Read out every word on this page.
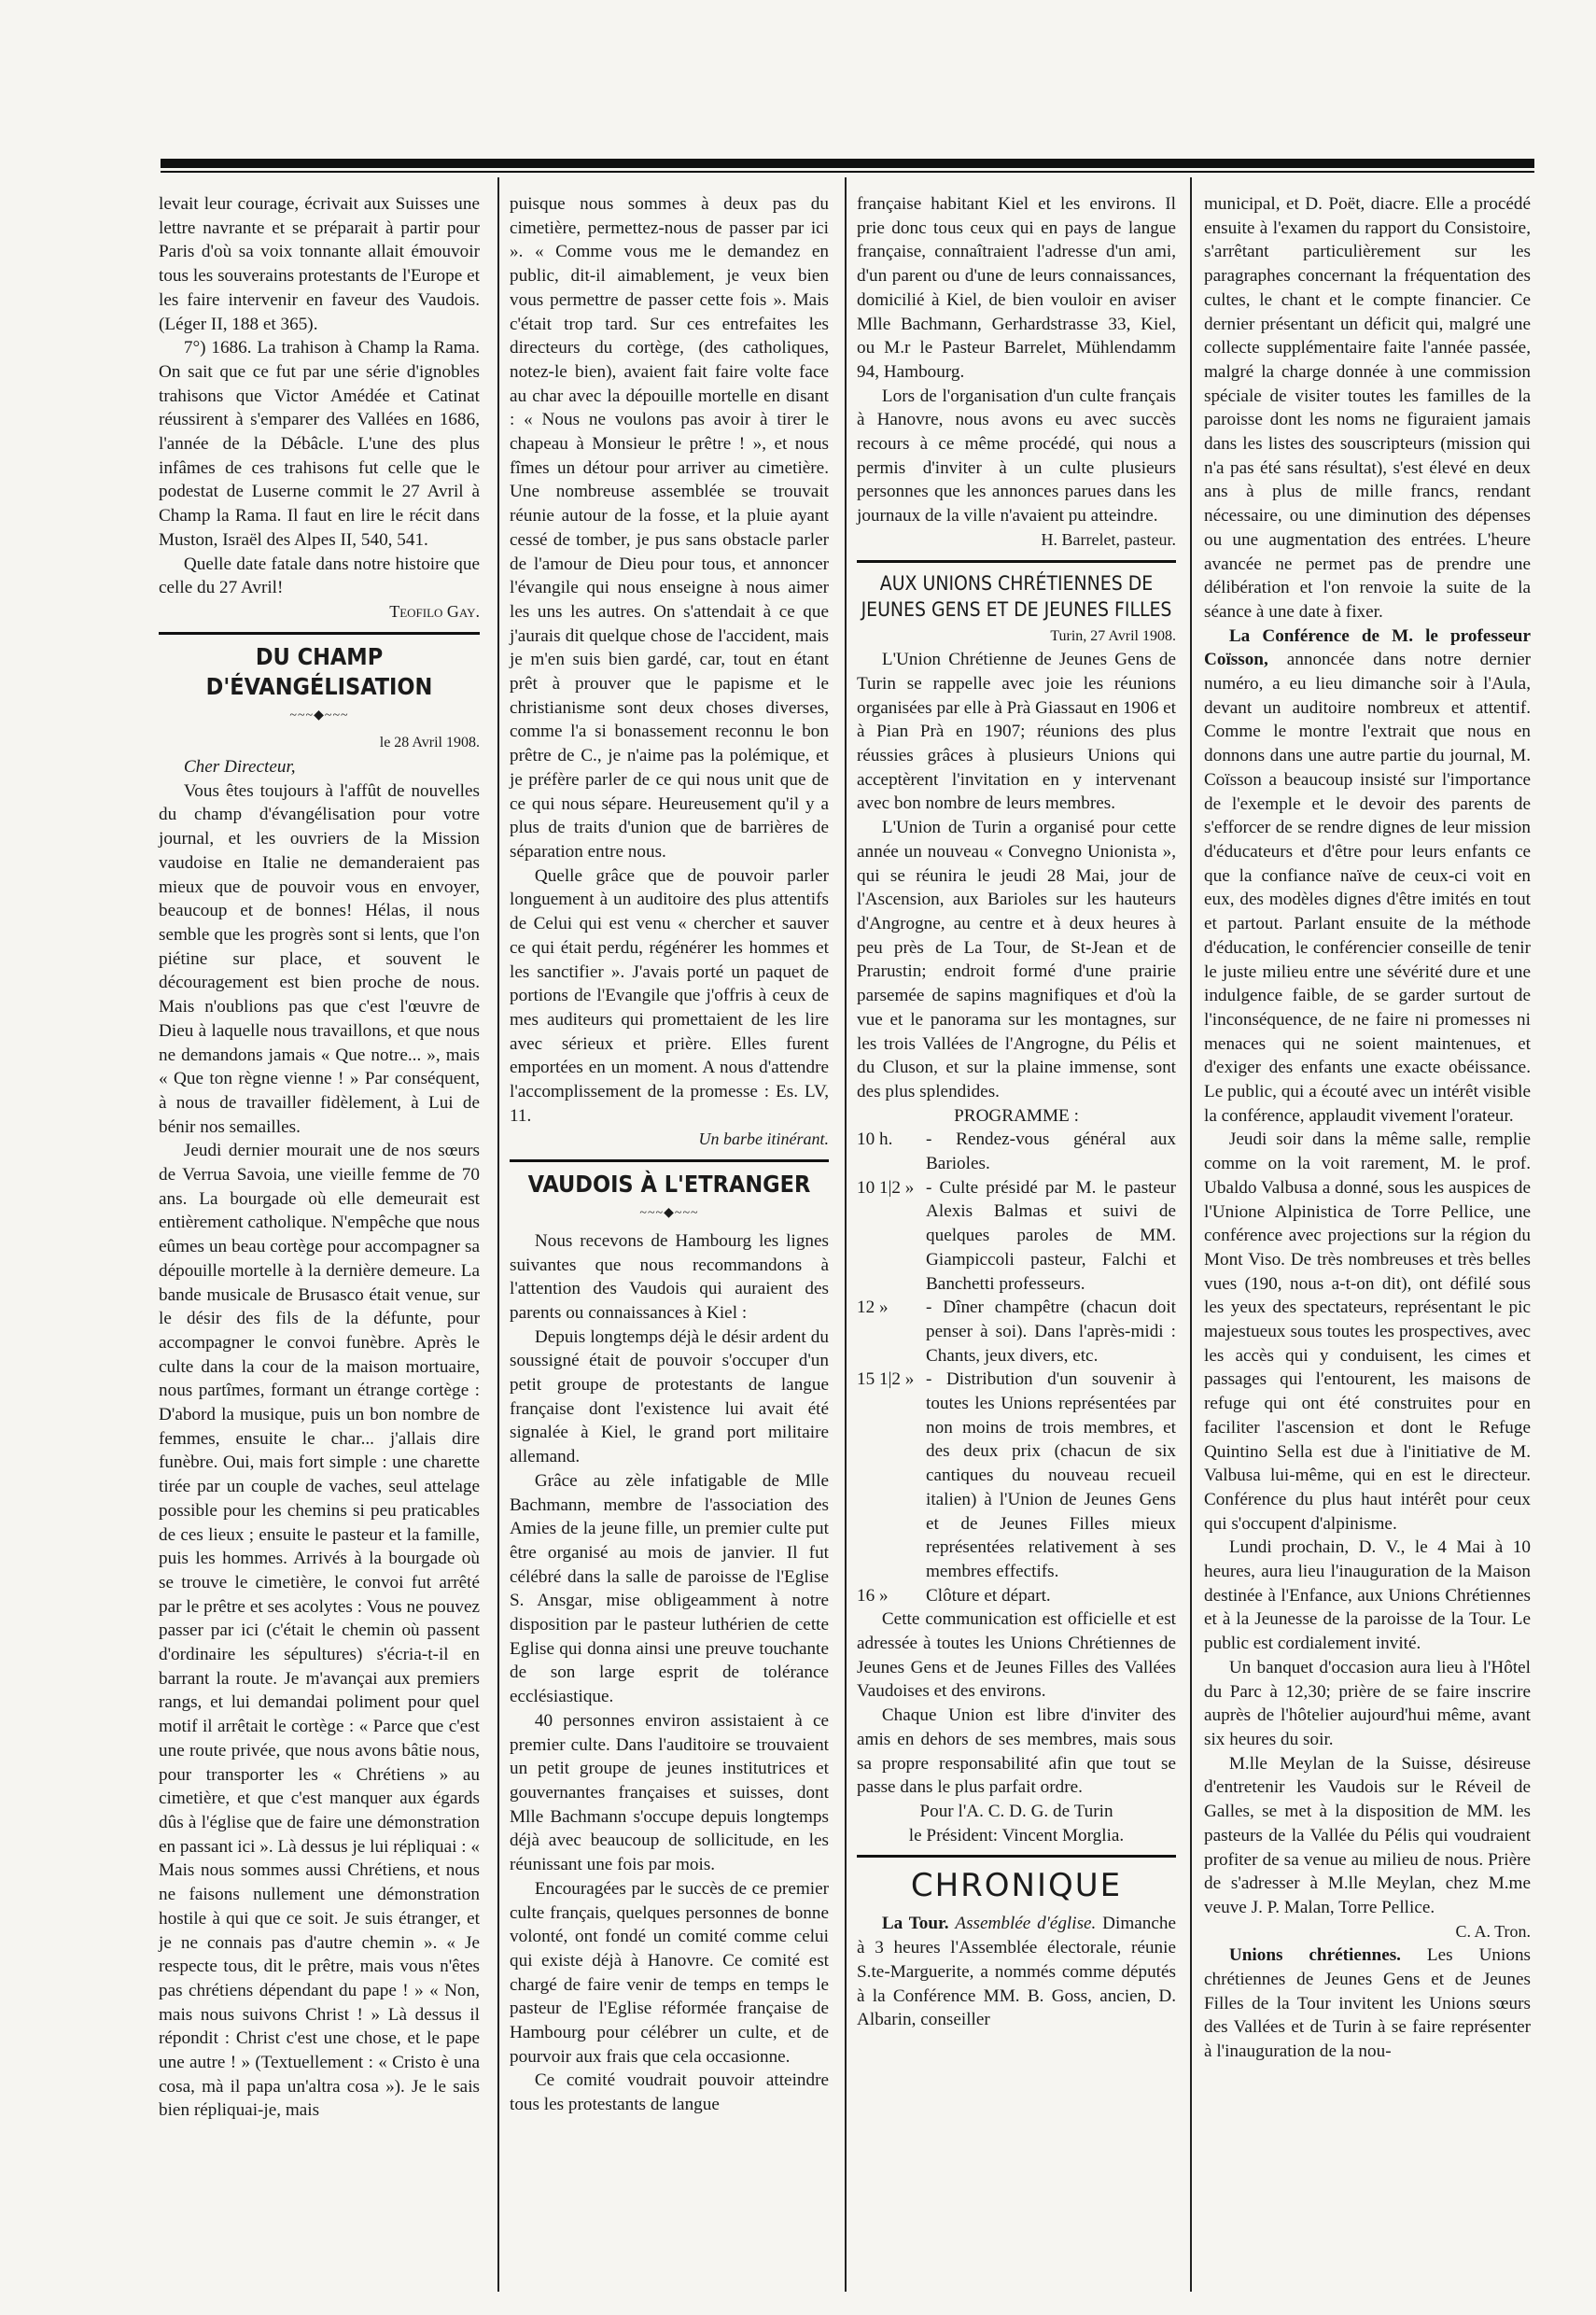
levait leur courage, écrivait aux Suisses une lettre navrante et se préparait à partir pour Paris d'où sa voix tonnante allait émouvoir tous les souverains protestants de l'Europe et les faire intervenir en faveur des Vaudois. (Léger II, 188 et 365).

7°) 1686. La trahison à Champ la Rama. On sait que ce fut par une série d'ignobles trahisons que Victor Amédée et Catinat réussirent à s'emparer des Vallées en 1686, l'année de la Débâcle. L'une des plus infâmes de ces trahisons fut celle que le podestat de Luserne commit le 27 Avril à Champ la Rama. Il faut en lire le récit dans Muston, Israël des Alpes II, 540, 541.

Quelle date fatale dans notre histoire que celle du 27 Avril!

Teofilo Gay.
DU CHAMP D'ÉVANGÉLISATION
~~~◆~~~
le 28 Avril 1908.

Cher Directeur,

Vous êtes toujours à l'affût de nouvelles du champ d'évangélisation pour votre journal, et les ouvriers de la Mission vaudoise en Italie ne demanderaient pas mieux que de pouvoir vous en envoyer, beaucoup et de bonnes! Hélas, il nous semble que les progrès sont si lents, que l'on piétine sur place, et souvent le découragement est bien proche de nous. Mais n'oublions pas que c'est l'œuvre de Dieu à laquelle nous travaillons, et que nous ne demandons jamais « Que notre... », mais « Que ton règne vienne ! » Par conséquent, à nous de travailler fidèlement, à Lui de bénir nos semailles.

Jeudi dernier mourait une de nos sœurs de Verrua Savoia, une vieille femme de 70 ans. La bourgade où elle demeurait est entièrement catholique. N'empêche que nous eûmes un beau cortège pour accompagner sa dépouille mortelle à la dernière demeure. La bande musicale de Brusasco était venue, sur le désir des fils de la défunte, pour accompagner le convoi funèbre. Après le culte dans la cour de la maison mortuaire, nous partîmes, formant un étrange cortège : D'abord la musique, puis un bon nombre de femmes, ensuite le char... j'allais dire funèbre. Oui, mais fort simple : une charette tirée par un couple de vaches, seul attelage possible pour les chemins si peu praticables de ces lieux ; ensuite le pasteur et la famille, puis les hommes. Arrivés à la bourgade où se trouve le cimetière, le convoi fut arrêté par le prêtre et ses acolytes : Vous ne pouvez passer par ici (c'était le chemin où passent d'ordinaire les sépultures) s'écria-t-il en barrant la route. Je m'avançai aux premiers rangs, et lui demandai poliment pour quel motif il arrêtait le cortège : « Parce que c'est une route privée, que nous avons bâtie nous, pour transporter les « Chrétiens » au cimetière, et que c'est manquer aux égards dûs à l'église que de faire une démonstration en passant ici ». Là dessus je lui répliquai : « Mais nous sommes aussi Chrétiens, et nous ne faisons nullement une démonstration hostile à qui que ce soit. Je suis étranger, et je ne connais pas d'autre chemin ». « Je respecte tous, dit le prêtre, mais vous n'êtes pas chrétiens dépendant du pape ! » « Non, mais nous suivons Christ ! » Là dessus il répondit : Christ c'est une chose, et le pape une autre ! » (Textuellement : « Cristo è una cosa, mà il papa un'altra cosa »). Je le sais bien répliquai-je, mais

puisque nous sommes à deux pas du cimetière, permettez-nous de passer par ici ». « Comme vous me le demandez en public, dit-il aimablement, je veux bien vous permettre de passer cette fois ». Mais c'était trop tard. Sur ces entrefaites les directeurs du cortège, (des catholiques, notez-le bien), avaient fait faire volte face au char avec la dépouille mortelle en disant : « Nous ne voulons pas avoir à tirer le chapeau à Monsieur le prêtre ! », et nous fîmes un détour pour arriver au cimetière. Une nombreuse assemblée se trouvait réunie autour de la fosse, et la pluie ayant cessé de tomber, je pus sans obstacle parler de l'amour de Dieu pour tous, et annoncer l'évangile qui nous enseigne à nous aimer les uns les autres. On s'attendait à ce que j'aurais dit quelque chose de l'accident, mais je m'en suis bien gardé, car, tout en étant prêt à prouver que le papisme et le christianisme sont deux choses diverses, comme l'a si bonassement reconnu le bon prêtre de C., je n'aime pas la polémique, et je préfère parler de ce qui nous unit que de ce qui nous sépare. Heureusement qu'il y a plus de traits d'union que de barrières de séparation entre nous.

Quelle grâce que de pouvoir parler longuement à un auditoire des plus attentifs de Celui qui est venu « chercher et sauver ce qui était perdu, régénérer les hommes et les sanctifier ». J'avais porté un paquet de portions de l'Evangile que j'offris à ceux de mes auditeurs qui promettaient de les lire avec sérieux et prière. Elles furent emportées en un moment. A nous d'attendre l'accomplissement de la promesse : Es. LV, 11.

Un barbe itinérant.
VAUDOIS À L'ETRANGER
~~~◆~~~

Nous recevons de Hambourg les lignes suivantes que nous recommandons à l'attention des Vaudois qui auraient des parents ou connaissances à Kiel :

Depuis longtemps déjà le désir ardent du soussigné était de pouvoir s'occuper d'un petit groupe de protestants de langue française dont l'existence lui avait été signalée à Kiel, le grand port militaire allemand.

Grâce au zèle infatigable de Mlle Bachmann, membre de l'association des Amies de la jeune fille, un premier culte put être organisé au mois de janvier. Il fut célébré dans la salle de paroisse de l'Eglise S. Ansgar, mise obligeamment à notre disposition par le pasteur luthérien de cette Eglise qui donna ainsi une preuve touchante de son large esprit de tolérance ecclésiastique.

40 personnes environ assistaient à ce premier culte. Dans l'auditoire se trouvaient un petit groupe de jeunes institutrices et gouvernantes françaises et suisses, dont Mlle Bachmann s'occupe depuis longtemps déjà avec beaucoup de sollicitude, en les réunissant une fois par mois.

Encouragées par le succès de ce premier culte français, quelques personnes de bonne volonté, ont fondé un comité comme celui qui existe déjà à Hanovre. Ce comité est chargé de faire venir de temps en temps le pasteur de l'Eglise réformée française de Hambourg pour célébrer un culte, et de pourvoir aux frais que cela occasionne.

Ce comité voudrait pouvoir atteindre tous les protestants de langue

française habitant Kiel et les environs. Il prie donc tous ceux qui en pays de langue française, connaîtraient l'adresse d'un ami, d'un parent ou d'une de leurs connaissances, domicilié à Kiel, de bien vouloir en aviser Mlle Bachmann, Gerhardstrasse 33, Kiel, ou M.r le Pasteur Barrelet, Mühlendamm 94, Hambourg.

Lors de l'organisation d'un culte français à Hanovre, nous avons eu avec succès recours à ce même procédé, qui nous a permis d'inviter à un culte plusieurs personnes que les annonces parues dans les journaux de la ville n'avaient pu atteindre.

H. Barrelet, pasteur.
AUX UNIONS CHRÉTIENNES DE JEUNES GENS ET DE JEUNES FILLES
Turin, 27 Avril 1908.

L'Union Chrétienne de Jeunes Gens de Turin se rappelle avec joie les réunions organisées par elle à Prà Giassaut en 1906 et à Pian Prà en 1907; réunions des plus réussies grâces à plusieurs Unions qui acceptèrent l'invitation en y intervenant avec bon nombre de leurs membres.

L'Union de Turin a organisé pour cette année un nouveau « Convegno Unionista », qui se réunira le jeudi 28 Mai, jour de l'Ascension, aux Barioles sur les hauteurs d'Angrogne, au centre et à deux heures à peu près de La Tour, de St-Jean et de Prarustin; endroit formé d'une prairie parsemée de sapins magnifiques et d'où la vue et le panorama sur les montagnes, sur les trois Vallées de l'Angrogne, du Pélis et du Cluson, et sur la plaine immense, sont des plus splendides.

PROGRAMME :
10 h.	- Rendez-vous général aux Barioles.
10 1|2 »	- Culte présidé par M. le pasteur Alexis Balmas et suivi de quelques paroles de MM. Giampiccoli pasteur, Falchi et Banchetti professeurs.
12 »	- Dîner champêtre (chacun doit penser à soi). Dans l'après-midi : Chants, jeux divers, etc.
15 1|2 »	- Distribution d'un souvenir à toutes les Unions représentées par non moins de trois membres, et des deux prix (chacun de six cantiques du nouveau recueil italien) à l'Union de Jeunes Gens et de Jeunes Filles mieux représentées relativement à ses membres effectifs.
16 »	Clôture et départ.

Cette communication est officielle et est adressée à toutes les Unions Chrétiennes de Jeunes Gens et de Jeunes Filles des Vallées Vaudoises et des environs.

Chaque Union est libre d'inviter des amis en dehors de ses membres, mais sous sa propre responsabilité afin que tout se passe dans le plus parfait ordre.

Pour l'A. C. D. G. de Turin
le Président: Vincent Morglia.
CHRONIQUE

La Tour. Assemblée d'église. Dimanche à 3 heures l'Assemblée électorale, réunie S.te-Marguerite, a nommés comme députés à la Conférence MM. B. Goss, ancien, D. Albarin, conseiller

municipal, et D. Poët, diacre. Elle a procédé ensuite à l'examen du rapport du Consistoire, s'arrêtant particulièrement sur les paragraphes concernant la fréquentation des cultes, le chant et le compte financier. Ce dernier présentant un déficit qui, malgré une collecte supplémentaire faite l'année passée, malgré la charge donnée à une commission spéciale de visiter toutes les familles de la paroisse dont les noms ne figuraient jamais dans les listes des souscripteurs (mission qui n'a pas été sans résultat), s'est élevé en deux ans à plus de mille francs, rendant nécessaire, ou une diminution des dépenses ou une augmentation des entrées. L'heure avancée ne permet pas de prendre une délibération et l'on renvoie la suite de la séance à une date à fixer.

La Conférence de M. le professeur Coïsson, annoncée dans notre dernier numéro, a eu lieu dimanche soir à l'Aula, devant un auditoire nombreux et attentif. Comme le montre l'extrait que nous en donnons dans une autre partie du journal, M. Coïsson a beaucoup insisté sur l'importance de l'exemple et le devoir des parents de s'efforcer de se rendre dignes de leur mission d'éducateurs et d'être pour leurs enfants ce que la confiance naïve de ceux-ci voit en eux, des modèles dignes d'être imités en tout et partout. Parlant ensuite de la méthode d'éducation, le conférencier conseille de tenir le juste milieu entre une sévérité dure et une indulgence faible, de se garder surtout de l'inconséquence, de ne faire ni promesses ni menaces qui ne soient maintenues, et d'exiger des enfants une exacte obéissance. Le public, qui a écouté avec un intérêt visible la conférence, applaudit vivement l'orateur.

Jeudi soir dans la même salle, remplie comme on la voit rarement, M. le prof. Ubaldo Valbusa a donné, sous les auspices de l'Unione Alpinistica de Torre Pellice, une conférence avec projections sur la région du Mont Viso. De très nombreuses et très belles vues (190, nous a-t-on dit), ont défilé sous les yeux des spectateurs, représentant le pic majestueux sous toutes les prospectives, avec les accès qui y conduisent, les cimes et passages qui l'entourent, les maisons de refuge qui ont été construites pour en faciliter l'ascension et dont le Refuge Quintino Sella est due à l'initiative de M. Valbusa lui-même, qui en est le directeur. Conférence du plus haut intérêt pour ceux qui s'occupent d'alpinisme.

Lundi prochain, D. V., le 4 Mai à 10 heures, aura lieu l'inauguration de la Maison destinée à l'Enfance, aux Unions Chrétiennes et à la Jeunesse de la paroisse de la Tour. Le public est cordialement invité.

Un banquet d'occasion aura lieu à l'Hôtel du Parc à 12,30; prière de se faire inscrire auprès de l'hôtelier aujourd'hui même, avant six heures du soir.

M.lle Meylan de la Suisse, désireuse d'entretenir les Vaudois sur le Réveil de Galles, se met à la disposition de MM. les pasteurs de la Vallée du Pélis qui voudraient profiter de sa venue au milieu de nous. Prière de s'adresser à M.lle Meylan, chez M.me veuve J. P. Malan, Torre Pellice.

C. A. Tron.

Unions chrétiennes. Les Unions chrétiennes de Jeunes Gens et de Jeunes Filles de la Tour invitent les Unions sœurs des Vallées et de Turin à se faire représenter à l'inauguration de la nou-
